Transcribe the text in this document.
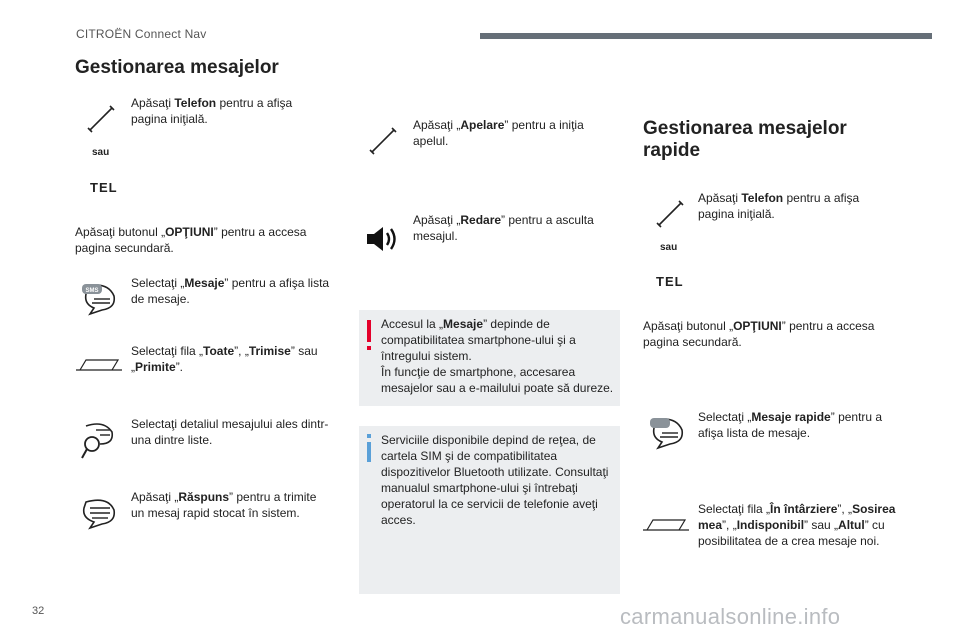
CITROËN Connect Nav
Gestionarea mesajelor
Apăsaţi Telefon pentru a afişa pagina iniţială.
sau
TEL
Apăsaţi butonul „OPŢIUNI” pentru a accesa pagina secundară.
SMS
Selectaţi „Mesaje” pentru a afişa lista de mesaje.
Selectaţi fila „Toate”, „Trimise” sau „Primite”.
Selectaţi detaliul mesajului ales dintr-una dintre liste.
Apăsaţi „Răspuns” pentru a trimite un mesaj rapid stocat în sistem.
Apăsaţi „Apelare” pentru a iniţia apelul.
Apăsaţi „Redare” pentru a asculta mesajul.
Accesul la „Mesaje” depinde de compatibilitatea smartphone-ului şi a întregului sistem.
În funcţie de smartphone, accesarea mesajelor sau a e-mailului poate să dureze.
Serviciile disponibile depind de reţea, de cartela SIM şi de compatibilitatea dispozitivelor Bluetooth utilizate. Consultaţi manualul smartphone-ului şi întrebaţi operatorul la ce servicii de telefonie aveţi acces.
Gestionarea mesajelor
rapide
Apăsaţi Telefon pentru a afişa pagina iniţială.
sau
TEL
Apăsaţi butonul „OPŢIUNI” pentru a accesa pagina secundară.
Selectaţi „Mesaje rapide” pentru a afişa lista de mesaje.
Selectaţi fila „În întârziere”, „Sosirea mea”, „Indisponibil” sau „Altul” cu posibilitatea de a crea mesaje noi.
32	carmanualsonline.info
